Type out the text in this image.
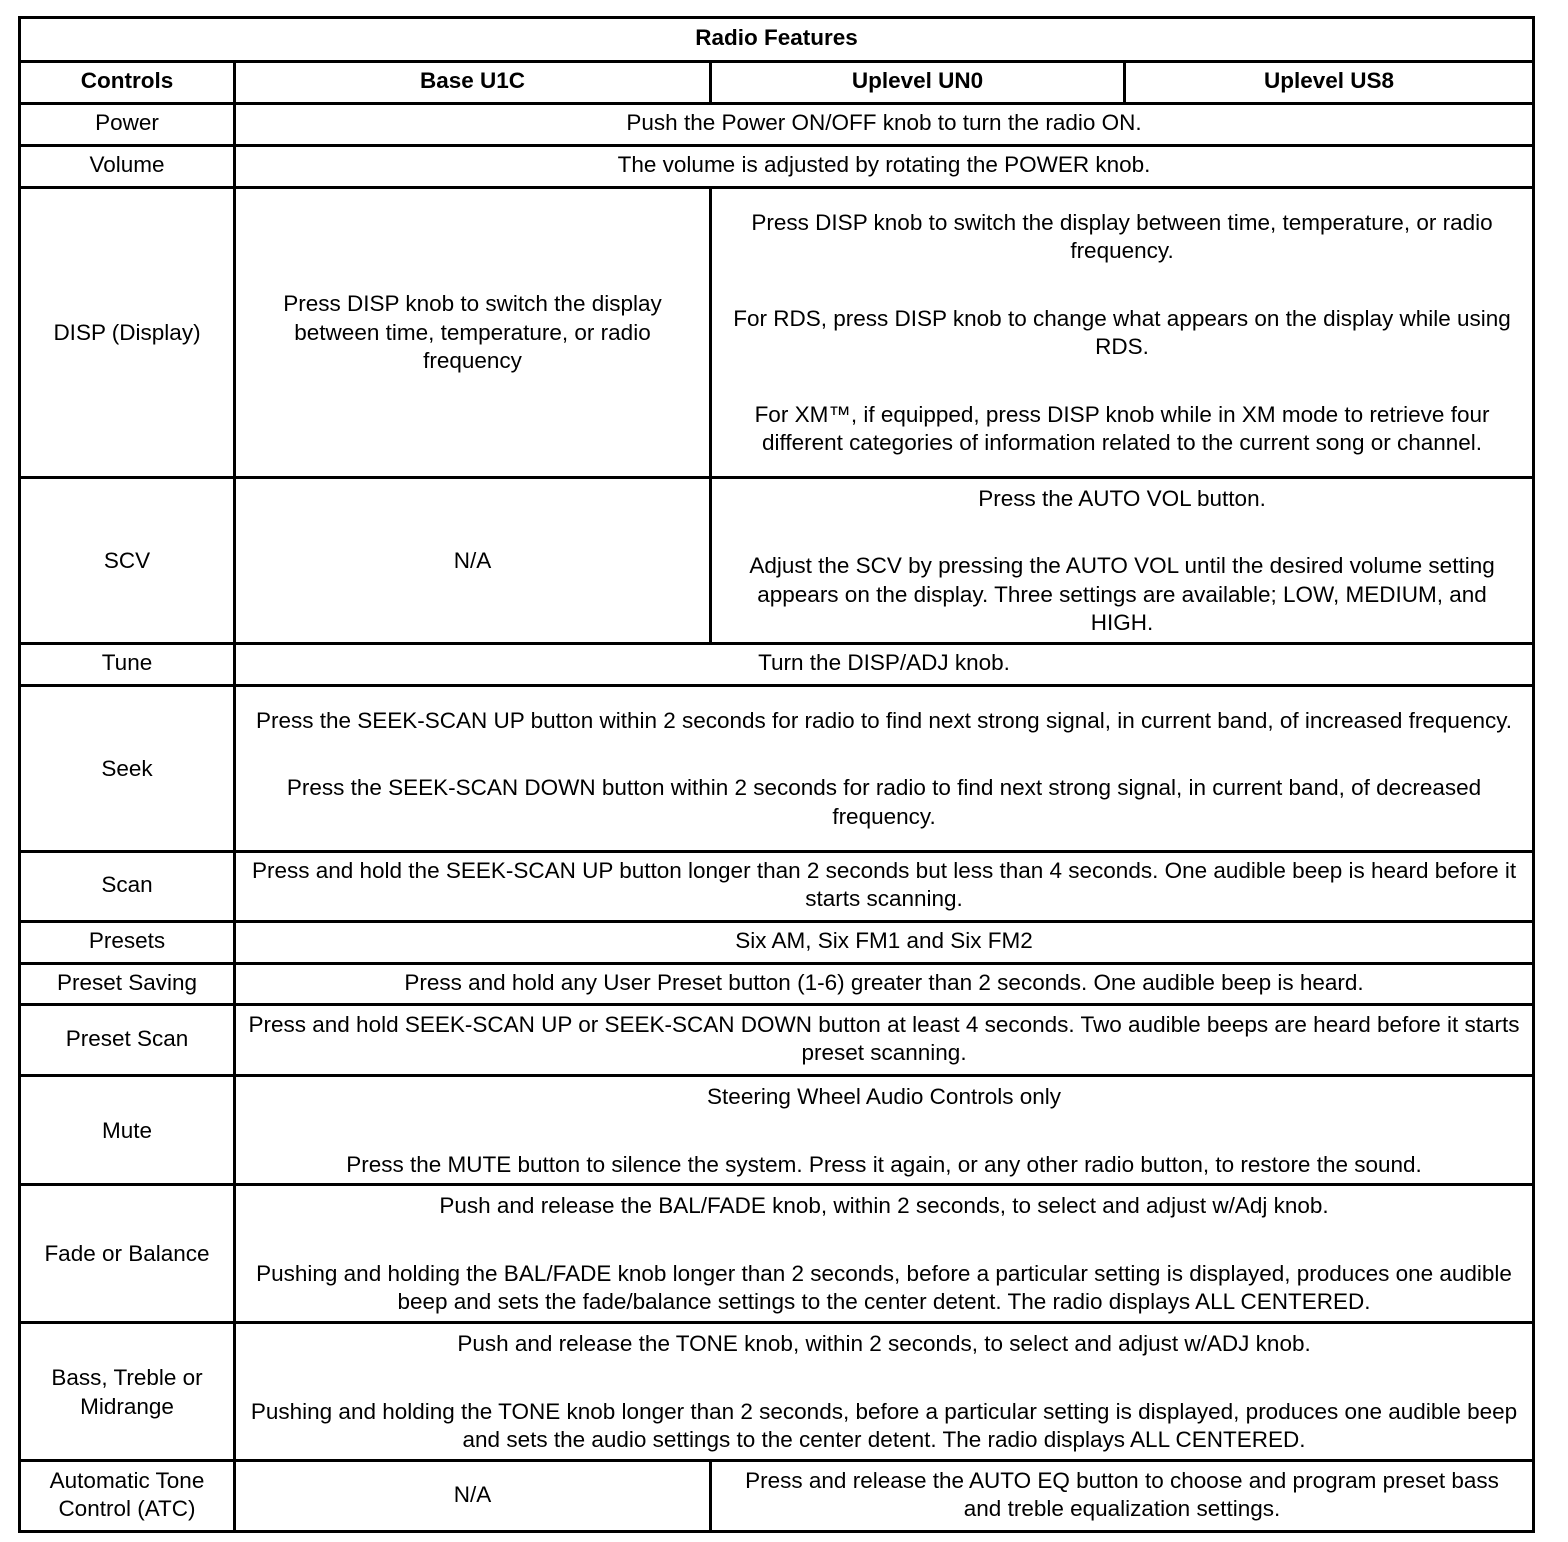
Radio Features			
Controls	Base U1C	Uplevel UN0	Uplevel US8
Power	Push the Power ON/OFF knob to turn the radio ON.		
Volume	The volume is adjusted by rotating the POWER knob.		
DISP (Display)	Press DISP knob to switch the display between time, temperature, or radio frequency	Press DISP knob to switch the display between time, temperature, or radio frequency.
For RDS, press DISP knob to change what appears on the display while using RDS.
For XM™, if equipped, press DISP knob while in XM mode to retrieve four different categories of information related to the current song or channel.	

SCV	N/A	Press the AUTO VOL button.
Adjust the SCV by pressing the AUTO VOL until the desired volume setting appears on the display. Three settings are available; LOW, MEDIUM, and HIGH.	

Tune	Turn the DISP/ADJ knob.		
Seek	Press the SEEK-SCAN UP button within 2 seconds for radio to find next strong signal, in current band, of increased frequency.
Press the SEEK-SCAN DOWN button within 2 seconds for radio to find next strong signal, in current band, of decreased frequency.		

Scan	Press and hold the SEEK-SCAN UP button longer than 2 seconds but less than 4 seconds. One audible beep is heard before it starts scanning.		
Presets	Six AM, Six FM1 and Six FM2		
Preset Saving	Press and hold any User Preset button (1-6) greater than 2 seconds. One audible beep is heard.		
Preset Scan	Press and hold SEEK-SCAN UP or SEEK-SCAN DOWN button at least 4 seconds. Two audible beeps are heard before it starts preset scanning.		
Mute	Steering Wheel Audio Controls only
Press the MUTE button to silence the system. Press it again, or any other radio button, to restore the sound.		

Fade or Balance	Push and release the BAL/FADE knob, within 2 seconds, to select and adjust w/Adj knob.
Pushing and holding the BAL/FADE knob longer than 2 seconds, before a particular setting is displayed, produces one audible beep and sets the fade/balance settings to the center detent. The radio displays ALL CENTERED.		

Bass, Treble or Midrange	Push and release the TONE knob, within 2 seconds, to select and adjust w/ADJ knob.
Pushing and holding the TONE knob longer than 2 seconds, before a particular setting is displayed, produces one audible beep and sets the audio settings to the center detent. The radio displays ALL CENTERED.		

Automatic Tone Control (ATC)	N/A	Press and release the AUTO EQ button to choose and program preset bass and treble equalization settings.	
